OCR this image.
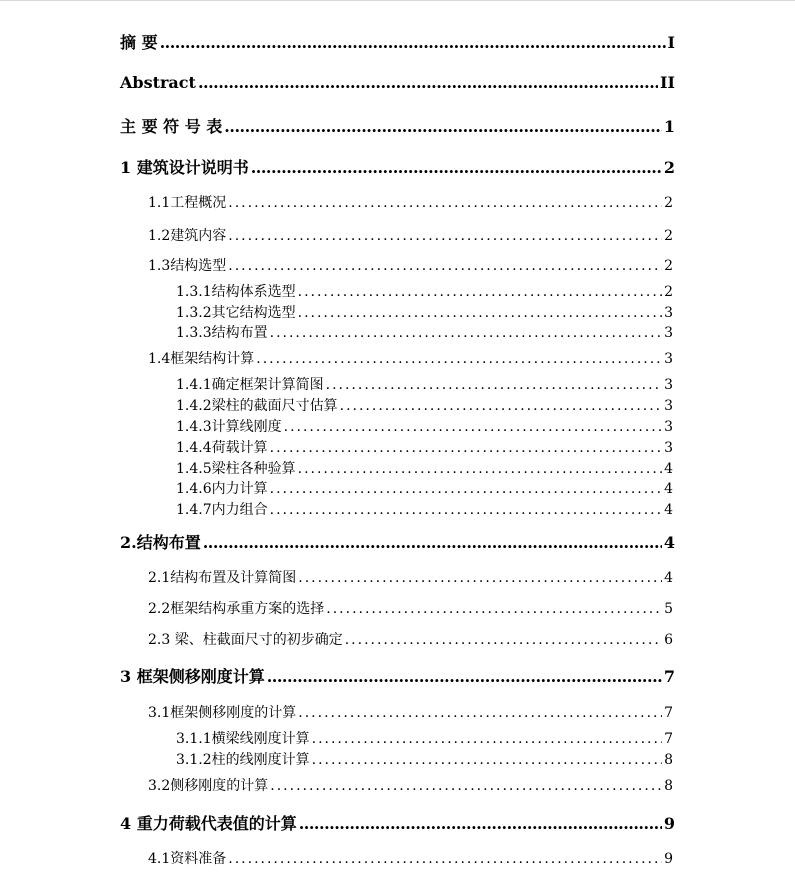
摘 要 .....	I
Abstract .....	II
主 要 符 号 表 .....	1
1 建筑设计说明书 .....	2
1.1工程概况 .....	2
1.2建筑内容 .....	2
1.3结构选型 .....	2
1.3.1结构体系选型 .....	2
1.3.2其它结构选型 .....	3
1.3.3结构布置 .....	3
1.4框架结构计算 .....	3
1.4.1确定框架计算简图 .....	3
1.4.2梁柱的截面尺寸估算 .....	3
1.4.3计算线刚度 .....	3
1.4.4荷载计算 .....	3
1.4.5梁柱各种验算 .....	4
1.4.6内力计算 .....	4
1.4.7内力组合 .....	4
2.结构布置 .....	4
2.1结构布置及计算简图 .....	4
2.2框架结构承重方案的选择 .....	5
2.3 梁、柱截面尺寸的初步确定 .....	6
3 框架侧移刚度计算 .....	7
3.1框架侧移刚度的计算 .....	7
3.1.1横梁线刚度计算 .....	7
3.1.2柱的线刚度计算 .....	8
3.2侧移刚度的计算 .....	8
4 重力荷载代表值的计算 .....	9
4.1资料准备 .....	9
